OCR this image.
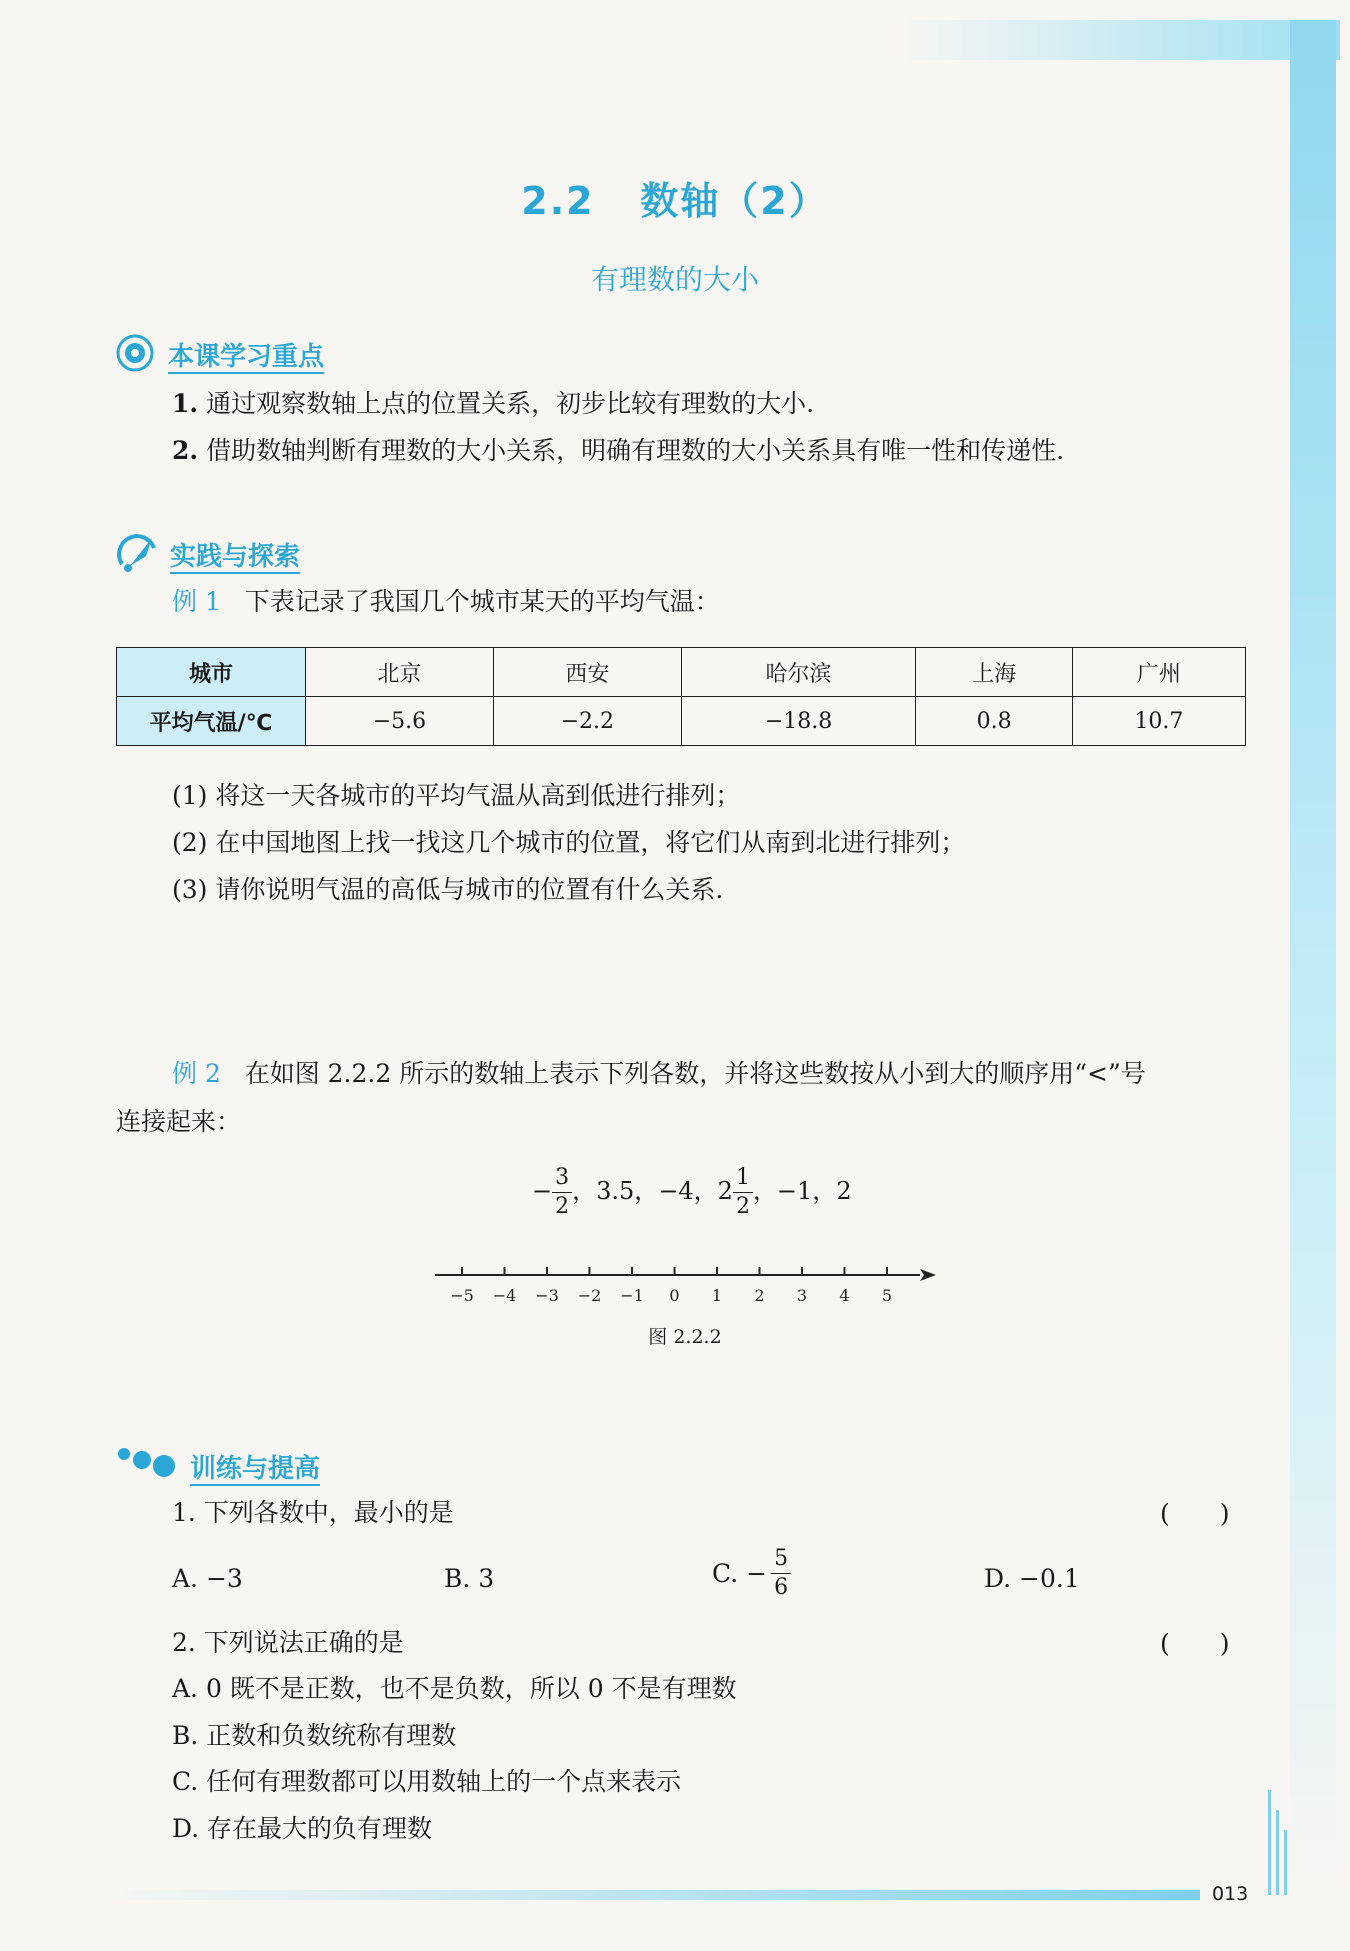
2.2 数轴（2）
有理数的大小
本课学习重点
1. 通过观察数轴上点的位置关系，初步比较有理数的大小.
2. 借助数轴判断有理数的大小关系，明确有理数的大小关系具有唯一性和传递性.
实践与探索
例 1 下表记录了我国几个城市某天的平均气温：
城市	北京	西安	哈尔滨	上海	广州
平均气温/℃	−5.6	−2.2	−18.8	0.8	10.7
(1) 将这一天各城市的平均气温从高到低进行排列；
(2) 在中国地图上找一找这几个城市的位置，将它们从南到北进行排列；
(3) 请你说明气温的高低与城市的位置有什么关系.
例 2 在如图 2.2.2 所示的数轴上表示下列各数，并将这些数按从小到大的顺序用“<”号
连接起来：
− $\frac{3}{2}$ ，3.5，−4，$2 \frac{1}{2}$ ，−1，2
−5 −4 −3 −2 −1 0 1 2 3 4 5
图 2.2.2
训练与提高
1. 下列各数中，最小的是	(　　)
A. −3	B. 3	C. − $\frac{5}{6}$	D. −0.1
2. 下列说法正确的是	(　　)
A. 0 既不是正数，也不是负数，所以 0 不是有理数
B. 正数和负数统称有理数
C. 任何有理数都可以用数轴上的一个点来表示
D. 存在最大的负有理数
013
